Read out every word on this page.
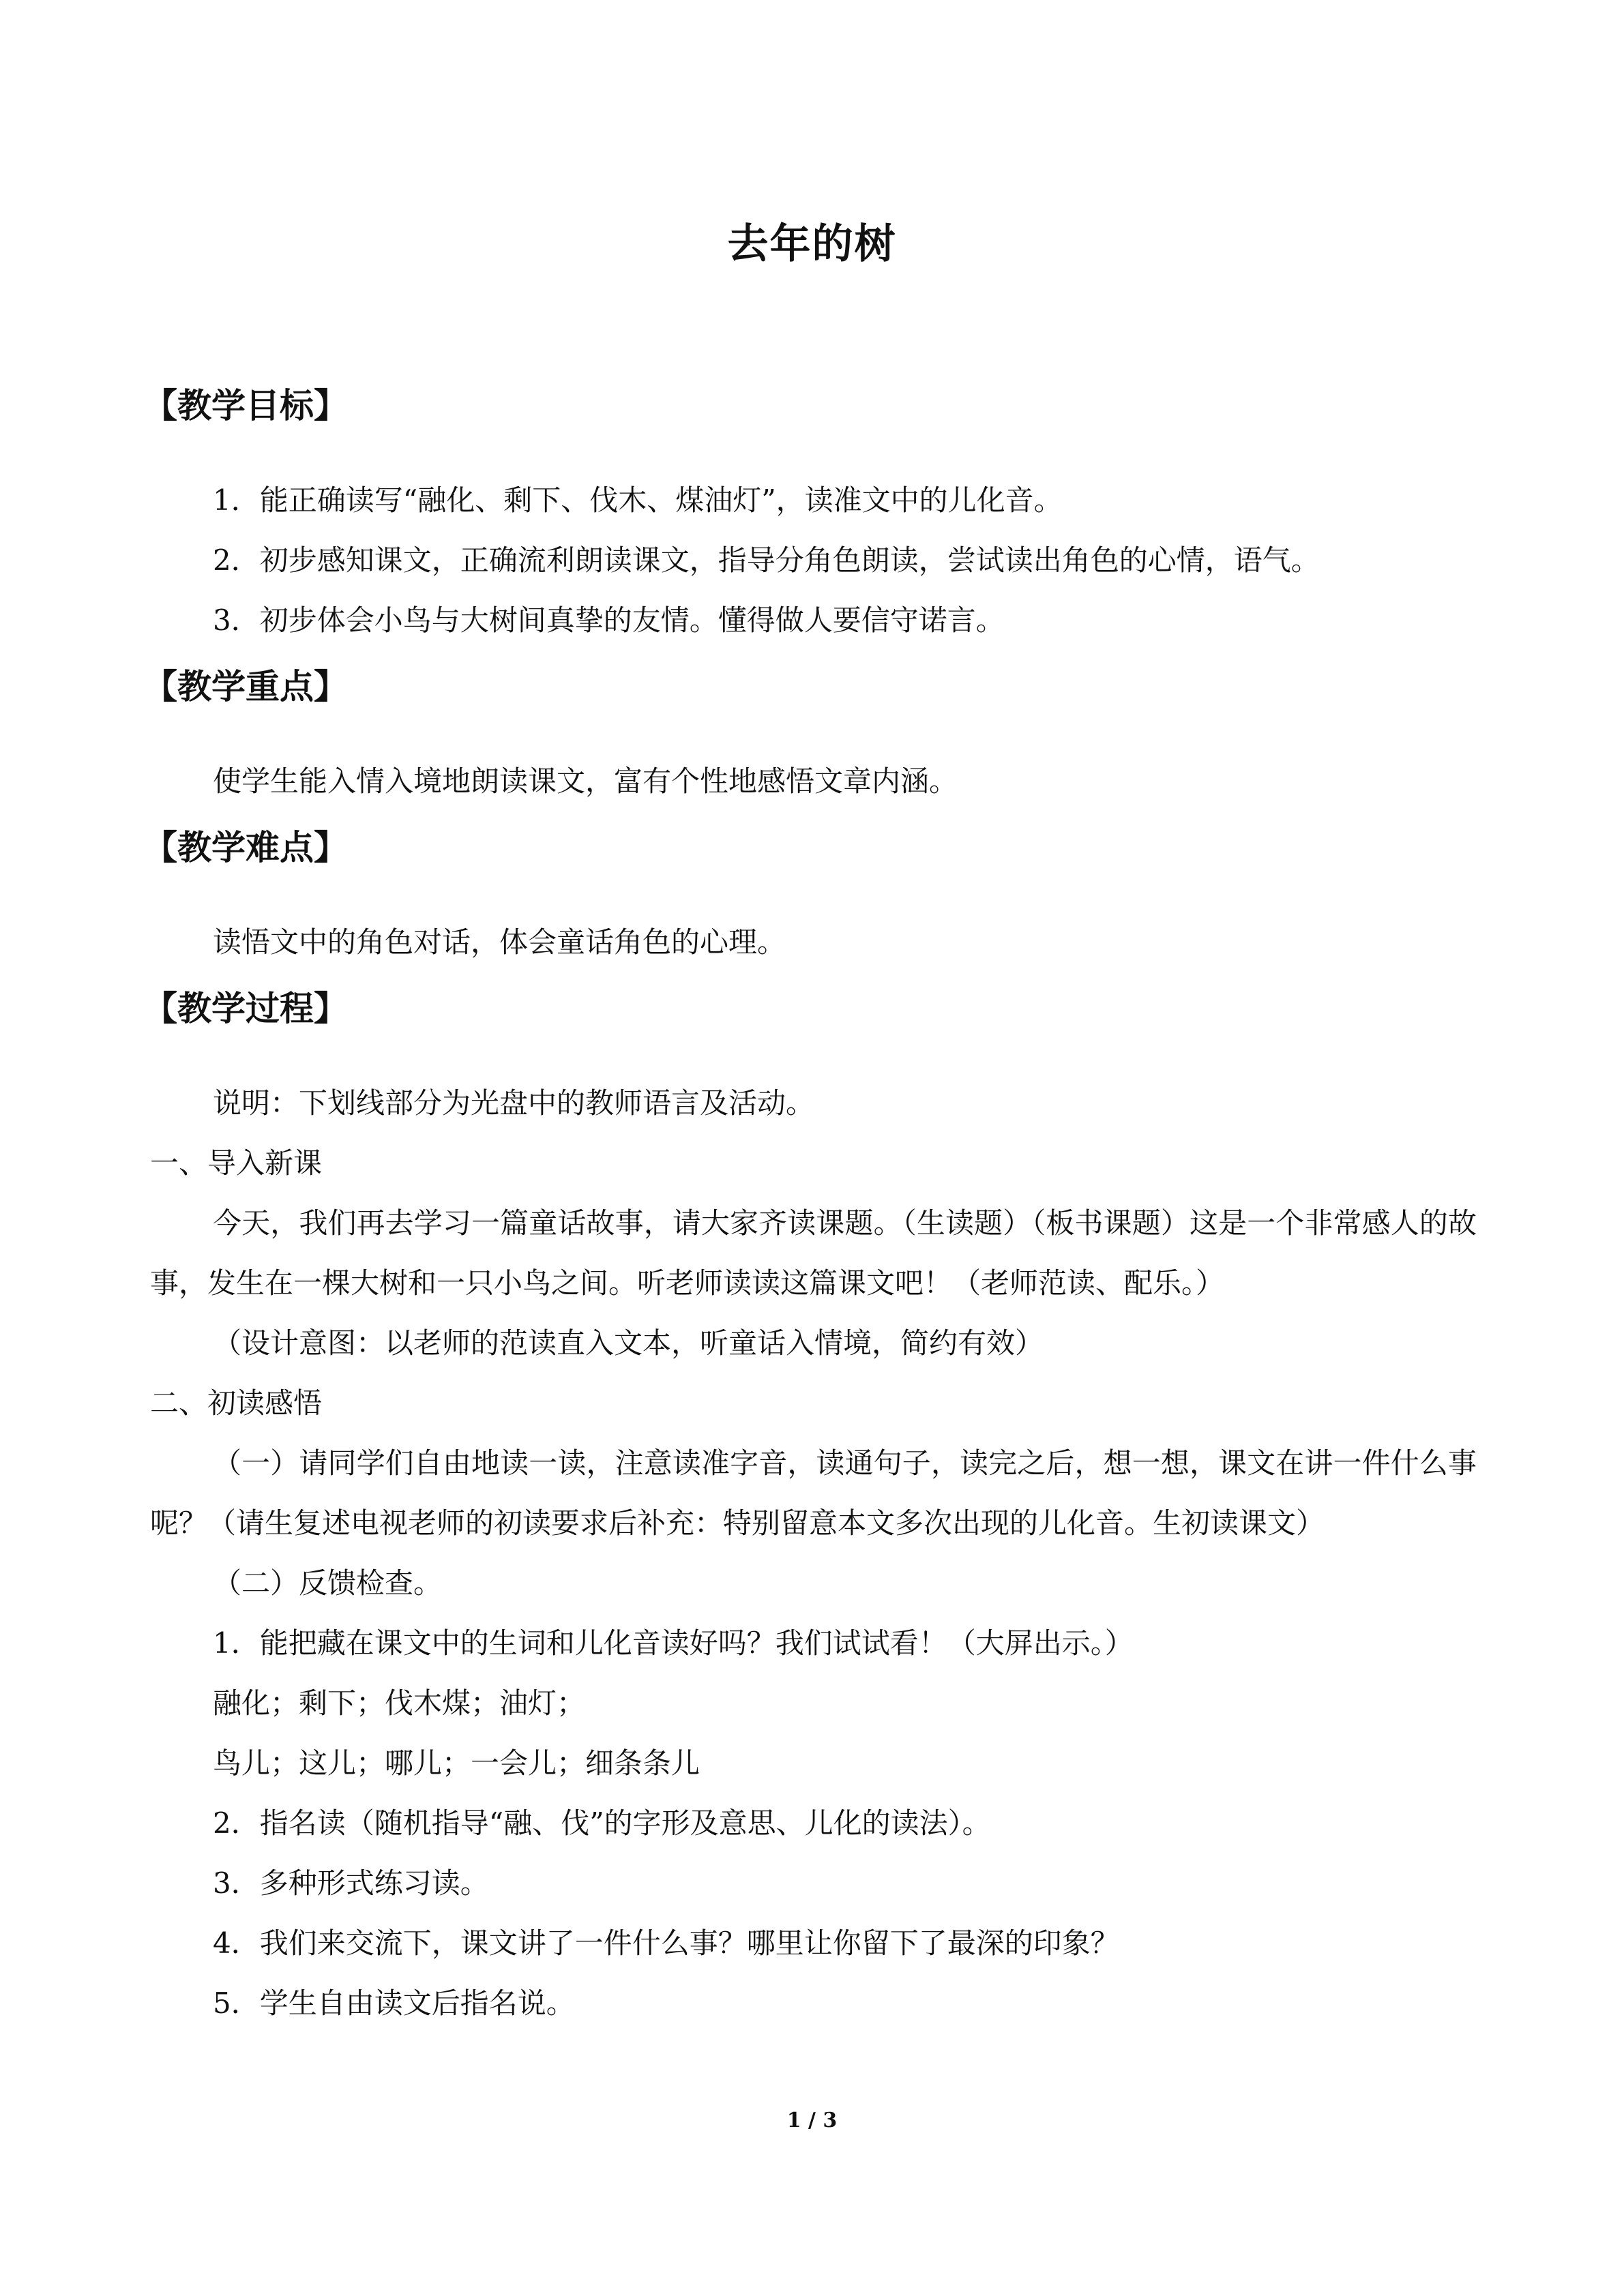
去年的树
【教学目标】

1．能正确读写“融化、剩下、伐木、煤油灯”，读准文中的儿化音。

2．初步感知课文，正确流利朗读课文，指导分角色朗读，尝试读出角色的心情，语气。

3．初步体会小鸟与大树间真挚的友情。懂得做人要信守诺言。

【教学重点】

使学生能入情入境地朗读课文，富有个性地感悟文章内涵。

【教学难点】

读悟文中的角色对话，体会童话角色的心理。

【教学过程】

说明：下划线部分为光盘中的教师语言及活动。

一、导入新课

今天，我们再去学习一篇童话故事，请大家齐读课题。（生读题）（板书课题）这是一个非常感人的故事，发生在一棵大树和一只小鸟之间。听老师读读这篇课文吧！（老师范读、配乐。）

（设计意图：以老师的范读直入文本，听童话入情境，简约有效）

二、初读感悟

（一）请同学们自由地读一读，注意读准字音，读通句子，读完之后，想一想，课文在讲一件什么事呢？（请生复述电视老师的初读要求后补充：特别留意本文多次出现的儿化音。生初读课文）

（二）反馈检查。

1．能把藏在课文中的生词和儿化音读好吗？我们试试看！（大屏出示。）

融化；剩下；伐木煤；油灯；

鸟儿；这儿；哪儿；一会儿；细条条儿

2．指名读（随机指导“融、伐”的字形及意思、儿化的读法）。

3．多种形式练习读。

4．我们来交流下，课文讲了一件什么事？哪里让你留下了最深的印象？

5．学生自由读文后指名说。

1 / 3
